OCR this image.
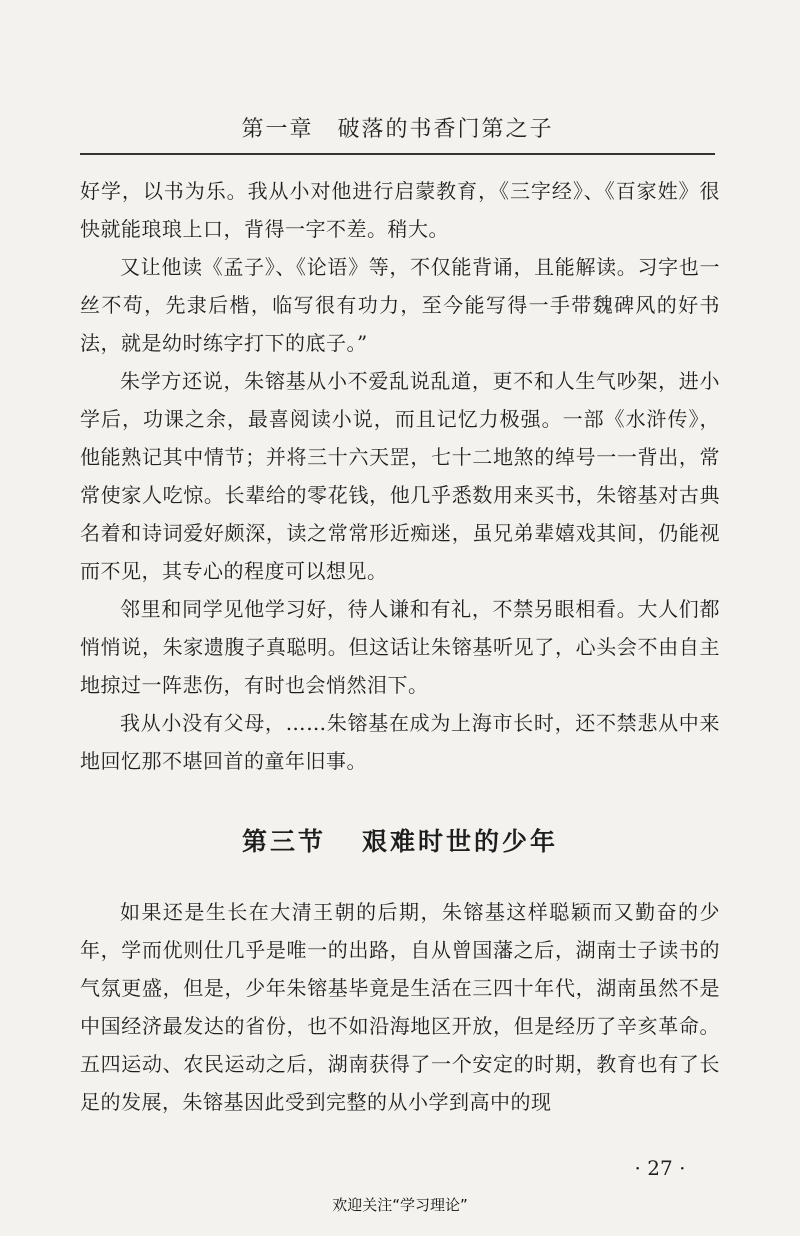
第一章　破落的书香门第之子

好学，以书为乐。我从小对他进行启蒙教育，《三字经》、《百家姓》很快就能琅琅上口，背得一字不差。稍大。

又让他读《孟子》、《论语》等，不仅能背诵，且能解读。习字也一丝不苟，先隶后楷，临写很有功力，至今能写得一手带魏碑风的好书法，就是幼时练字打下的底子。”

朱学方还说，朱镕基从小不爱乱说乱道，更不和人生气吵架，进小学后，功课之余，最喜阅读小说，而且记忆力极强。一部《水浒传》，他能熟记其中情节；并将三十六天罡，七十二地煞的绰号一一背出，常常使家人吃惊。长辈给的零花钱，他几乎悉数用来买书，朱镕基对古典名着和诗词爱好颇深，读之常常形近痴迷，虽兄弟辈嬉戏其间，仍能视而不见，其专心的程度可以想见。

邻里和同学见他学习好，待人谦和有礼，不禁另眼相看。大人们都悄悄说，朱家遗腹子真聪明。但这话让朱镕基听见了，心头会不由自主地掠过一阵悲伤，有时也会悄然泪下。

我从小没有父母，……朱镕基在成为上海市长时，还不禁悲从中来地回忆那不堪回首的童年旧事。

第三节 艰难时世的少年

如果还是生长在大清王朝的后期，朱镕基这样聪颖而又勤奋的少年，学而优则仕几乎是唯一的出路，自从曾国藩之后，湖南士子读书的气氛更盛，但是，少年朱镕基毕竟是生活在三四十年代，湖南虽然不是中国经济最发达的省份，也不如沿海地区开放，但是经历了辛亥革命。五四运动、农民运动之后，湖南获得了一个安定的时期，教育也有了长足的发展，朱镕基因此受到完整的从小学到高中的现

· 27 ·
欢迎关注“学习理论”
